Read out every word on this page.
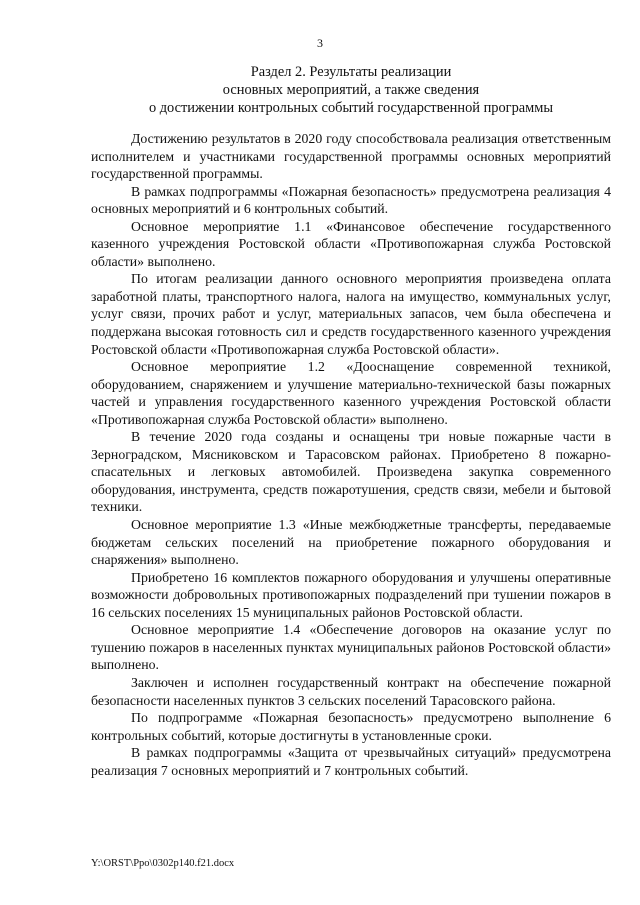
3
Раздел 2. Результаты реализации
основных мероприятий, а также сведения
о достижении контрольных событий государственной программы

Достижению результатов в 2020 году способствовала реализация ответственным исполнителем и участниками государственной программы основных мероприятий государственной программы.

В рамках подпрограммы «Пожарная безопасность» предусмотрена реализация 4 основных мероприятий и 6 контрольных событий.

Основное мероприятие 1.1 «Финансовое обеспечение государственного казенного учреждения Ростовской области «Противопожарная служба Ростовской области» выполнено.

По итогам реализации данного основного мероприятия произведена оплата заработной платы, транспортного налога, налога на имущество, коммунальных услуг, услуг связи, прочих работ и услуг, материальных запасов, чем была обеспечена и поддержана высокая готовность сил и средств государственного казенного учреждения Ростовской области «Противопожарная служба Ростовской области».

Основное мероприятие 1.2 «Дооснащение современной техникой, оборудованием, снаряжением и улучшение материально-технической базы пожарных частей и управления государственного казенного учреждения Ростовской области «Противопожарная служба Ростовской области» выполнено.

В течение 2020 года созданы и оснащены три новые пожарные части в Зерноградском, Мясниковском и Тарасовском районах. Приобретено 8 пожарно-спасательных и легковых автомобилей. Произведена закупка современного оборудования, инструмента, средств пожаротушения, средств связи, мебели и бытовой техники.

Основное мероприятие 1.3 «Иные межбюджетные трансферты, передаваемые бюджетам сельских поселений на приобретение пожарного оборудования и снаряжения» выполнено.

Приобретено 16 комплектов пожарного оборудования и улучшены оперативные возможности добровольных противопожарных подразделений при тушении пожаров в 16 сельских поселениях 15 муниципальных районов Ростовской области.

Основное мероприятие 1.4 «Обеспечение договоров на оказание услуг по тушению пожаров в населенных пунктах муниципальных районов Ростовской области» выполнено.

Заключен и исполнен государственный контракт на обеспечение пожарной безопасности населенных пунктов 3 сельских поселений Тарасовского района.

По подпрограмме «Пожарная безопасность» предусмотрено выполнение 6 контрольных событий, которые достигнуты в установленные сроки.

В рамках подпрограммы «Защита от чрезвычайных ситуаций» предусмотрена реализация 7 основных мероприятий и 7 контрольных событий.

Y:\ORST\Ppo\0302p140.f21.docx
